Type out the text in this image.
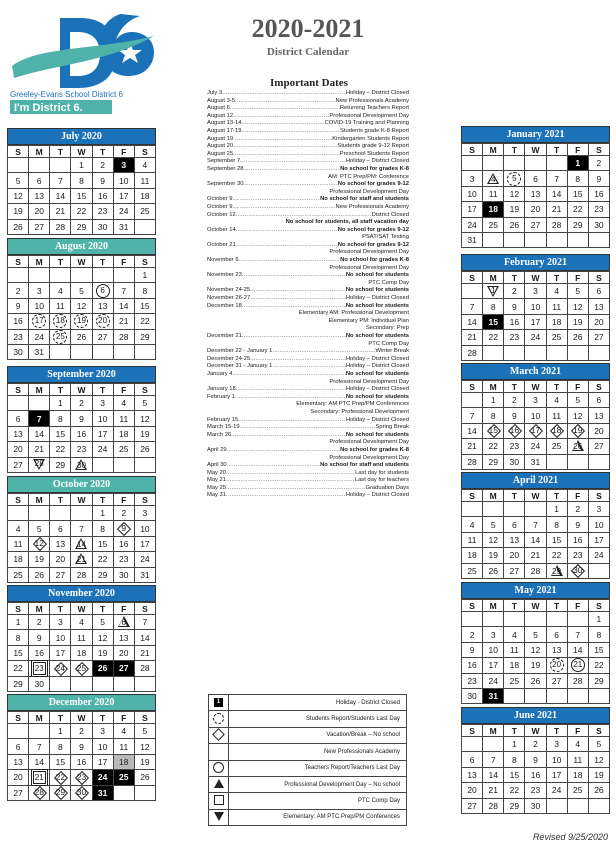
Greeley-Evans School District 6
I'm District 6.
2020-2021
District Calendar
Important Dates
July 3 .....	Holiday – District Closed
August 3-5 .....	New Professionals Academy
August 6 .....	Returning Teachers Report
August 12 .....	Professional Development Day
August 13-14 .....	COVID-19 Training and Planning
August 17-19 .....	Students grade K-8 Report
August 19 .....	Kindergarten Students Report
August 20 .....	Students grade 9-12 Report
August 25 .....	Preschool Students Report
September 7 .....	Holiday – District Closed
September 28 .....	No school for grades K-8
AM: PTC Prep/PM: Conference
September 30 .....	No school for grades 9-12
Professional Development Day
October 9 .....	No school for staff and students
October 9 .....	New Professionals Academy
October 12 .....	District Closed
No school for students, all staff vacation day
October 14 .....	No school for grades 9-12
PSAT/SAT Testing
October 21 .....	No school for grades 9-12
Professional Development Day
November 6 .....	No school for grades K-8
Professional Development Day
November 23 .....	No school for students
PTC Comp Day
November 24-25 .....	No school for students
November 26-27 .....	Holiday – District Closed
December 18 .....	No school for students
Elementary AM: Professional Development
Elementary PM: Individual Plan
Secondary: Prep
December 21 .....	No school for students
PTC Comp Day
December 22 - January 1 .....	Winter Break
December 24-25 .....	Holiday – District Closed
December 31 - January 1 .....	Holiday – District Closed
January 4 .....	No school for students
Professional Development Day
January 18 .....	Holiday – District Closed
February 1 .....	No school for students
Elementary: AM PTC Prep/PM Conferences
Secondary: Professional Development
February 15 .....	Holiday – District Closed
March 15-19 .....	Spring Break
March 26 .....	No school for students
Professional Development Day
April 29 .....	No school for grades K-8
Professional Development Day
April 30 .....	No school for staff and students
May 20 .....	Last day for students
May 21 .....	Last day for teachers
May 25 .....	Graduation Days
May 31 .....	Holiday – District Closed
July 2020
S	M	T	W	T	F	S
			1	2	3	4
5	6	7	8	9	10	11
12	13	14	15	16	17	18
19	20	21	22	23	24	25
26	27	28	29	30	31	
August 2020
S	M	T	W	T	F	S
						1
2	3	4	5	6	7	8
9	10	11	12	13	14	15
16	17	18	19	20	21	22
23	24	25	26	27	28	29
30	31					
September 2020
S	M	T	W	T	F	S
		1	2	3	4	5
6	7	8	9	10	11	12
13	14	15	16	17	18	19
20	21	22	23	24	25	26
27	28	29	30			
October 2020
S	M	T	W	T	F	S
				1	2	3
4	5	6	7	8	9	10
11	12	13	14	15	16	17
18	19	20	21	22	23	24
25	26	27	28	29	30	31
November 2020
S	M	T	W	T	F	S
1	2	3	4	5	6	7
8	9	10	11	12	13	14
15	16	17	18	19	20	21
22	23	24	25	26	27	28
29	30					
December 2020
S	M	T	W	T	F	S
		1	2	3	4	5
6	7	8	9	10	11	12
13	14	15	16	17	18	19
20	21	22	23	24	25	26
27	28	29	30	31		
January 2021
S	M	T	W	T	F	S
					1	2
3	4	5	6	7	8	9
10	11	12	13	14	15	16
17	18	19	20	21	22	23
24	25	26	27	28	29	30
31						
February 2021
S	M	T	W	T	F	S
	1	2	3	4	5	6
7	8	9	10	11	12	13
14	15	16	17	18	19	20
21	22	23	24	25	26	27
28						
March 2021
S	M	T	W	T	F	S
	1	2	3	4	5	6
7	8	9	10	11	12	13
14	15	16	17	18	19	20
21	22	23	24	25	26	27
28	29	30	31			
April 2021
S	M	T	W	T	F	S
				1	2	3
4	5	6	7	8	9	10
11	12	13	14	15	16	17
18	19	20	21	22	23	24
25	26	27	28	29	30	
May 2021
S	M	T	W	T	F	S
						1
2	3	4	5	6	7	8
9	10	11	12	13	14	15
16	17	18	19	20	21	22
23	24	25	26	27	28	29
30	31					
June 2021
S	M	T	W	T	F	S
		1	2	3	4	5
6	7	8	9	10	11	12
13	14	15	16	17	18	19
20	21	22	23	24	25	26
27	28	29	30			
1	Holiday - District Closed
	Students Report/Students Last Day
	Vacation/Break – No school
	New Professionals Academy
	Teachers Report/Teachers Last Day
	Professional Development Day – No school
	PTC Comp Day
	Elementary: AM PTC Prep/PM Conferences
Revised 9/25/2020
